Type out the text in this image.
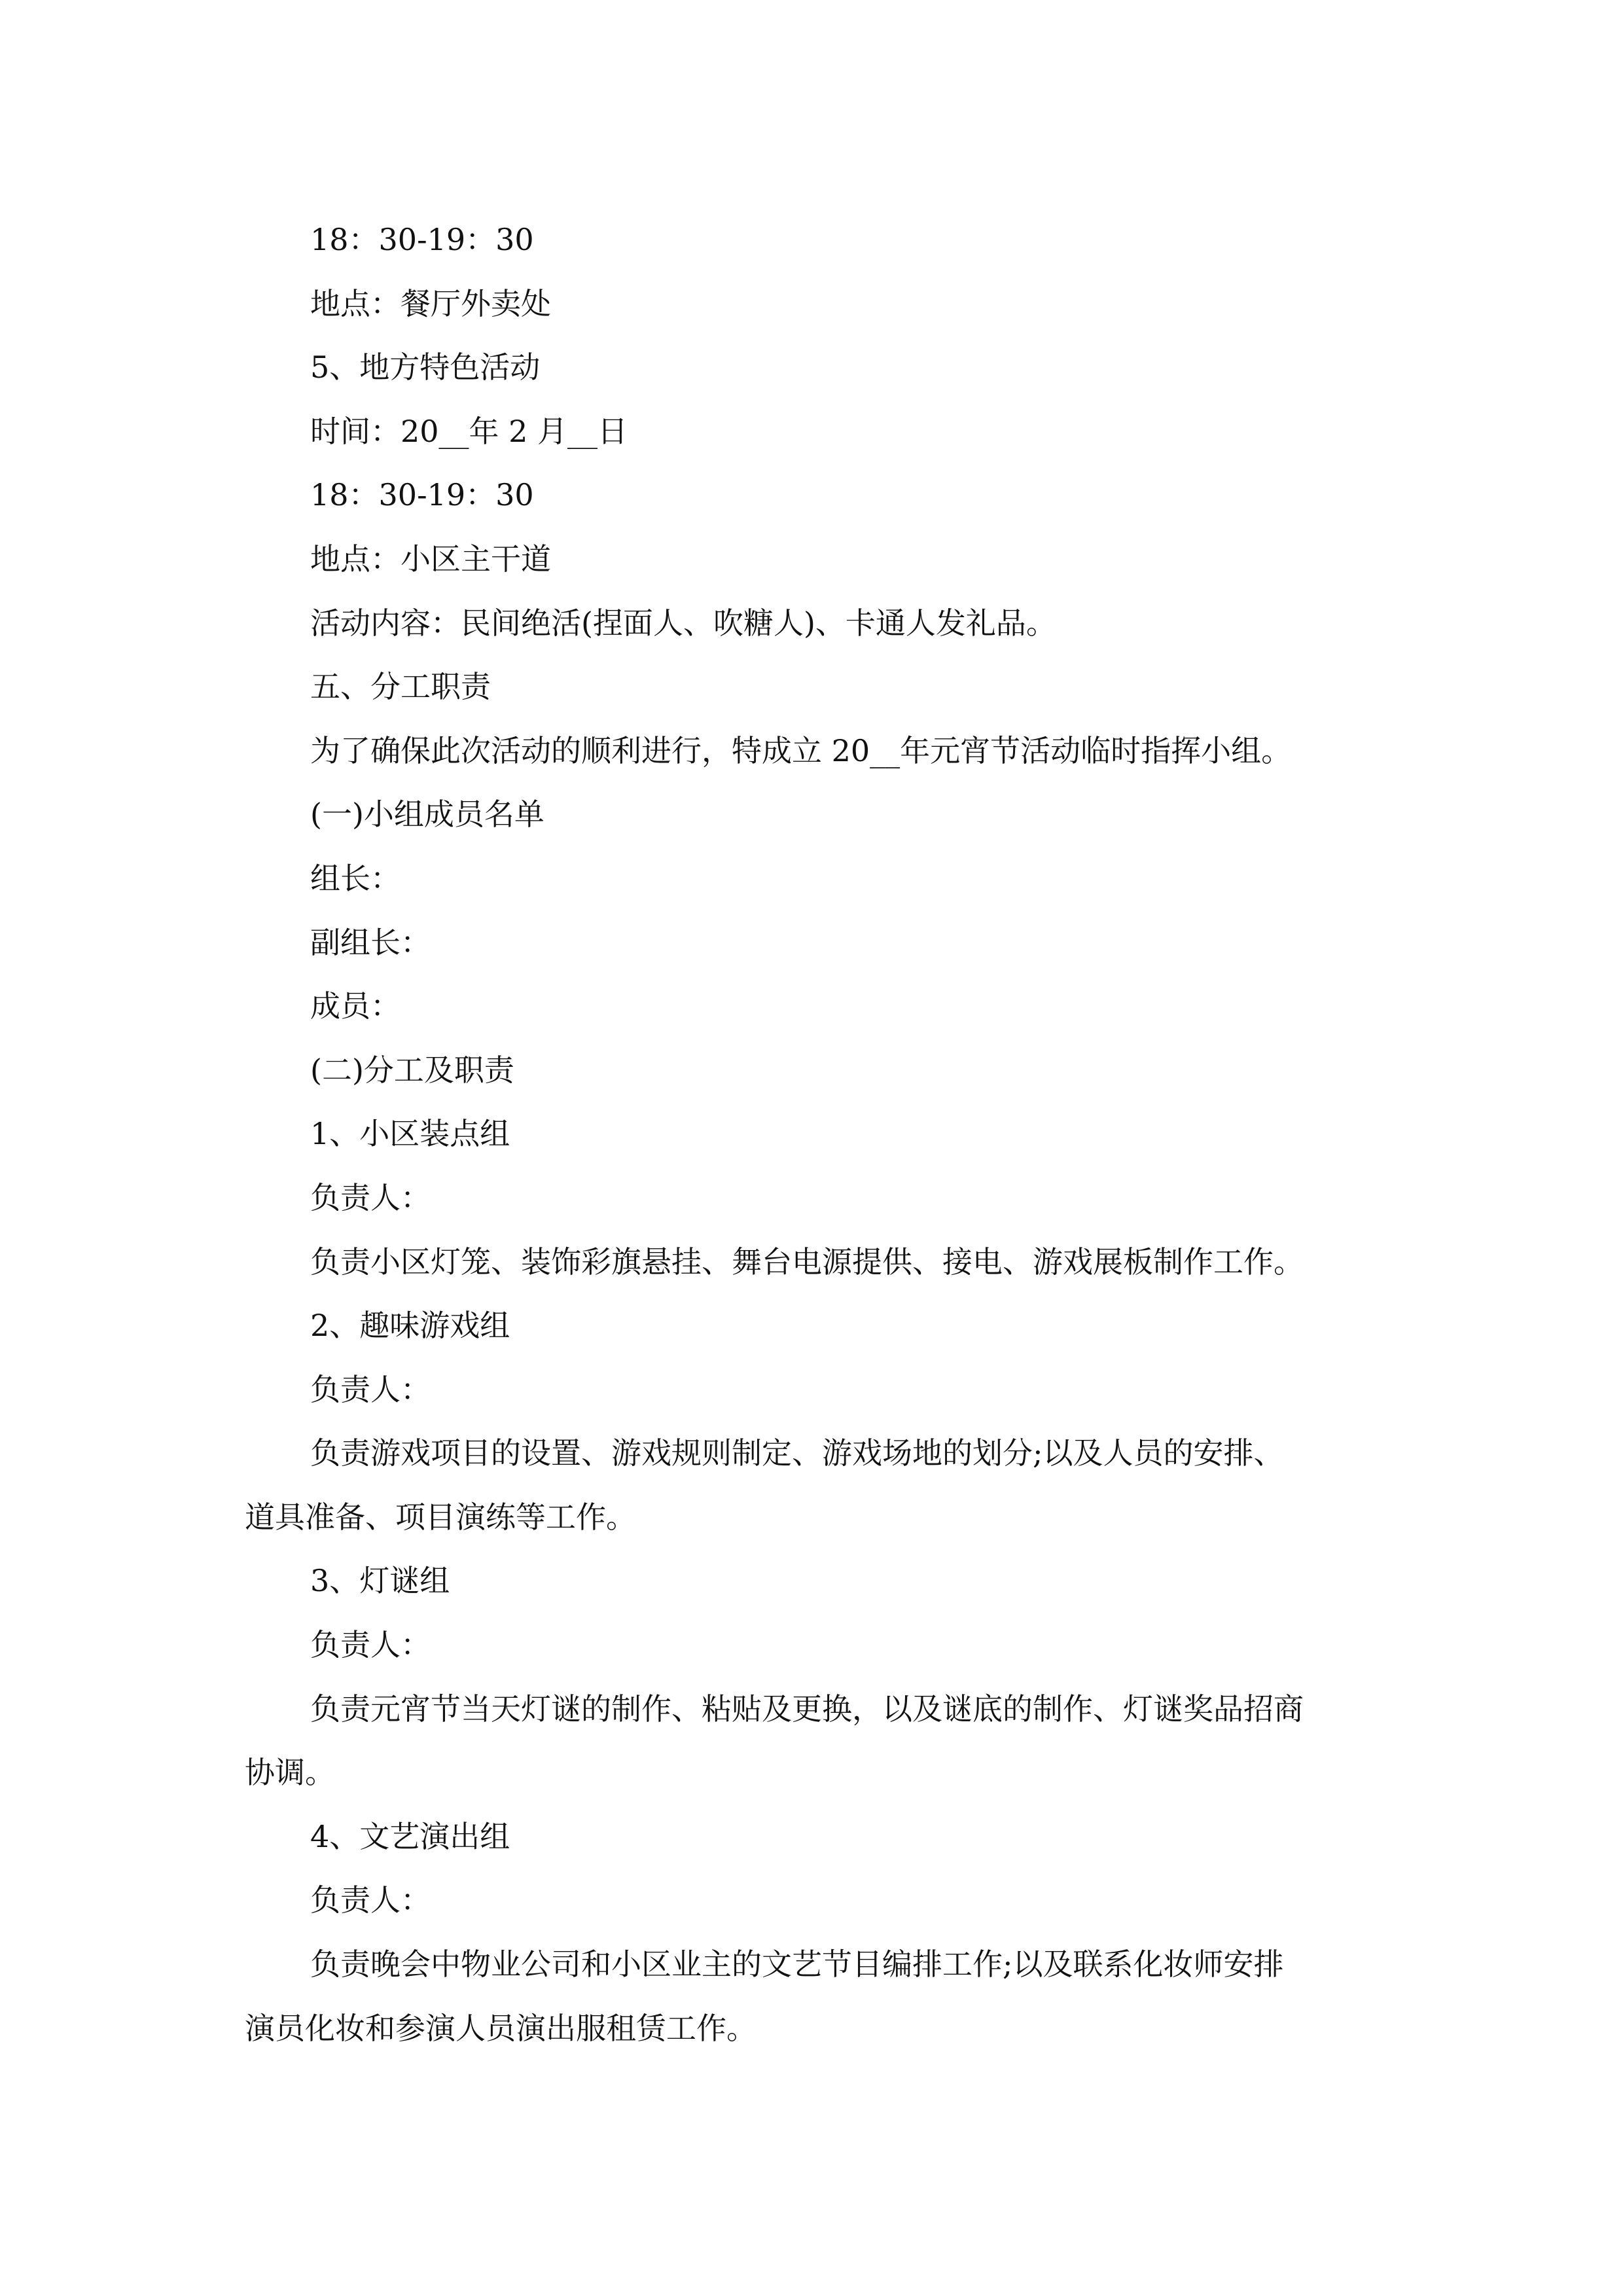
18：30-19：30
地点：餐厅外卖处
5、地方特色活动
时间：20__年 2 月__日
18：30-19：30
地点：小区主干道
活动内容：民间绝活(捏面人、吹糖人)、卡通人发礼品。
五、分工职责
为了确保此次活动的顺利进行，特成立 20__年元宵节活动临时指挥小组。
(一)小组成员名单
组长：
副组长：
成员：
(二)分工及职责
1、小区装点组
负责人：
负责小区灯笼、装饰彩旗悬挂、舞台电源提供、接电、游戏展板制作工作。
2、趣味游戏组
负责人：
负责游戏项目的设置、游戏规则制定、游戏场地的划分;以及人员的安排、
道具准备、项目演练等工作。
3、灯谜组
负责人：
负责元宵节当天灯谜的制作、粘贴及更换，以及谜底的制作、灯谜奖品招商
协调。
4、文艺演出组
负责人：
负责晚会中物业公司和小区业主的文艺节目编排工作;以及联系化妆师安排
演员化妆和参演人员演出服租赁工作。
